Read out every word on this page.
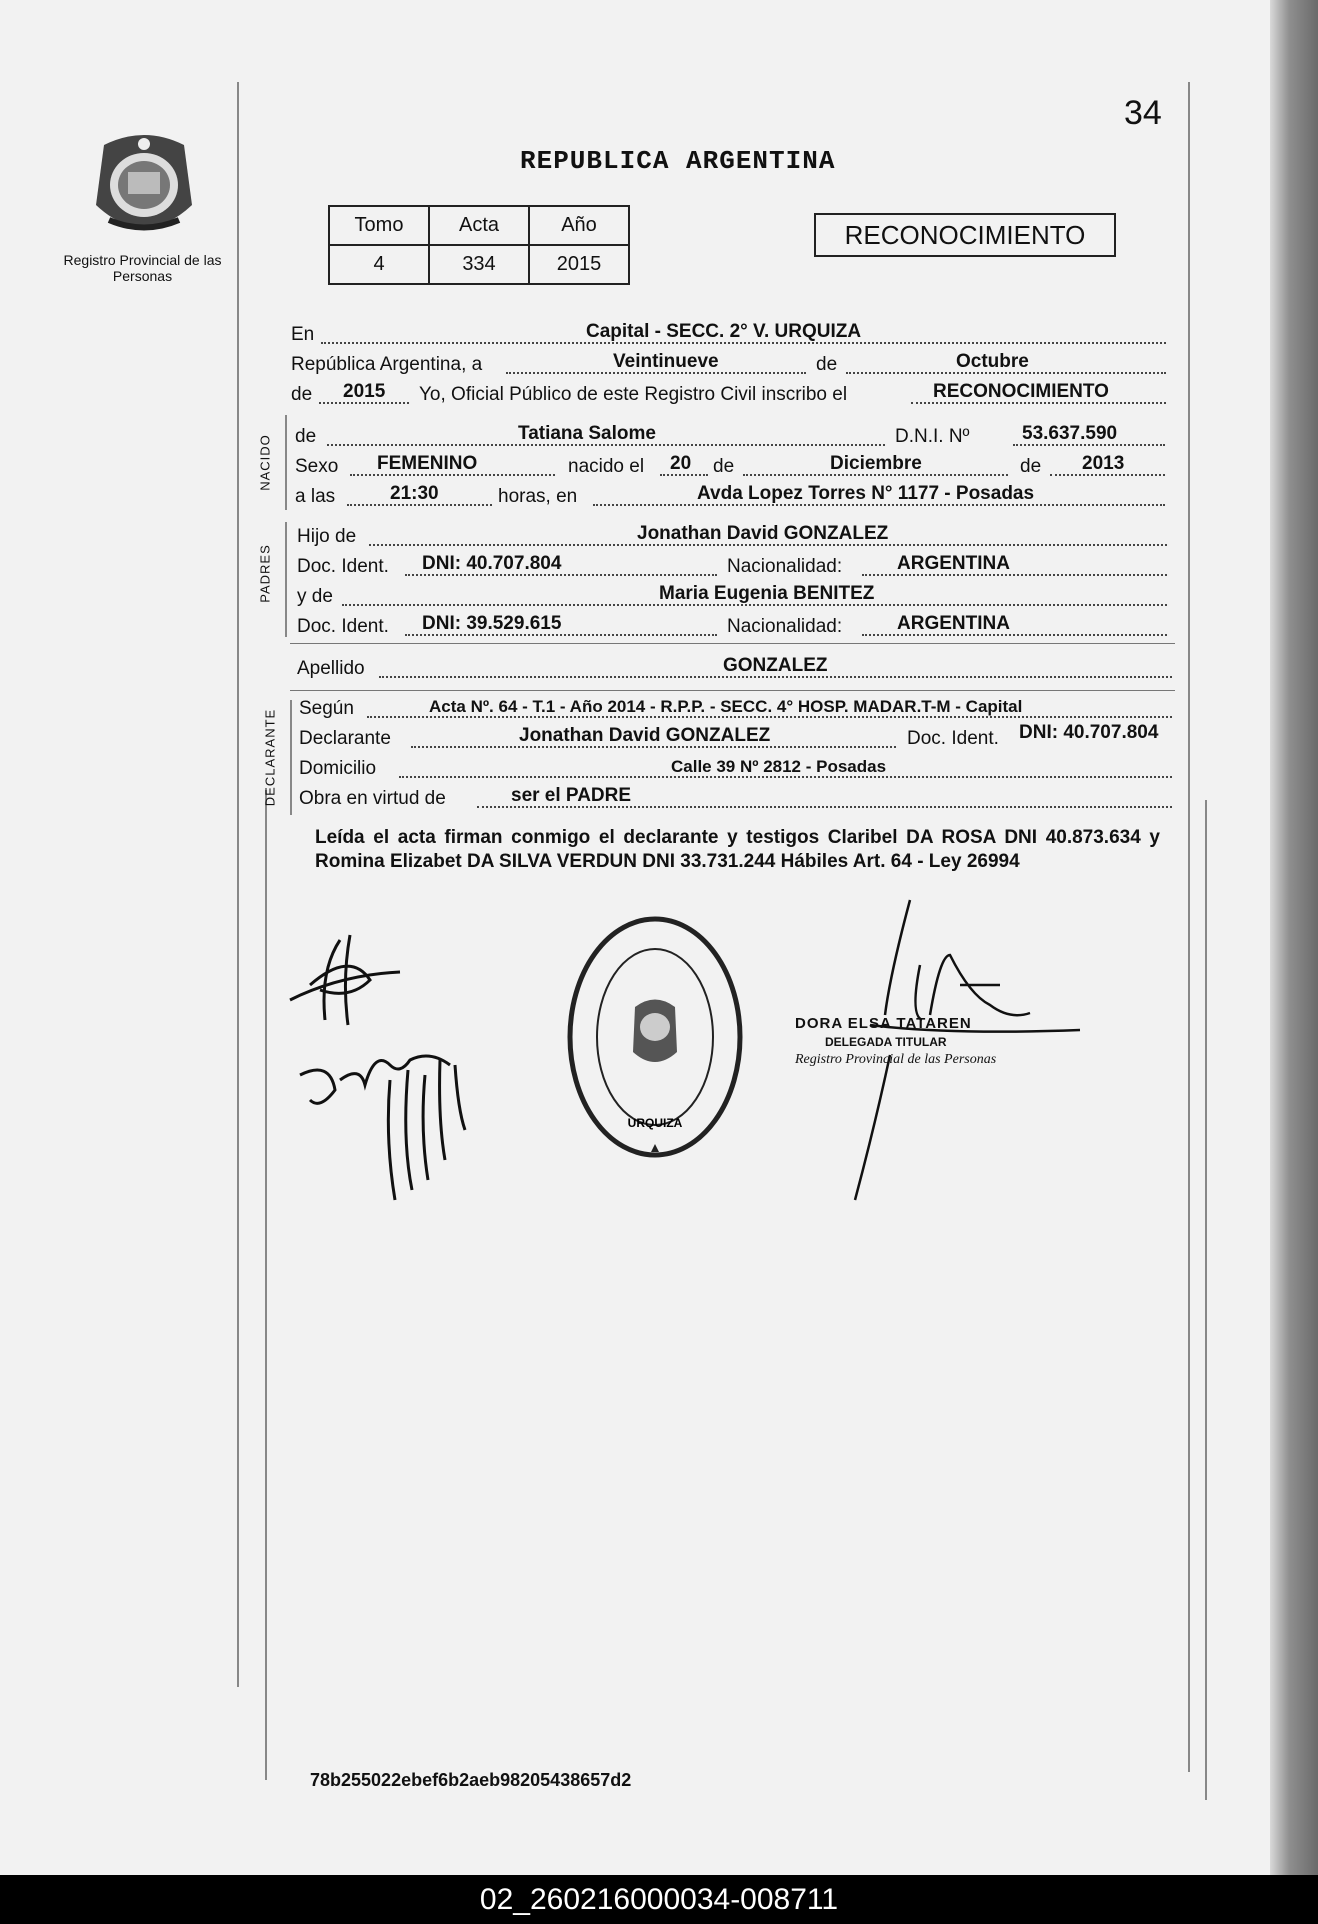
Registro Provincial de las Personas
34
REPUBLICA ARGENTINA
Tomo	Acta	Año
4	334	2015
RECONOCIMIENTO
En	Capital - SECC. 2° V. URQUIZA
República Argentina, a	Veintinueve	de	Octubre
de 2015 Yo, Oficial Público de este Registro Civil inscribo el	RECONOCIMIENTO
NACIDO de	Tatiana Salome	D.N.I. Nº	53.637.590
Sexo FEMENINO	nacido el 20 de	Diciembre	de 2013
a las	21:30	horas, en	Avda Lopez Torres N° 1177 - Posadas
PADRES
Hijo de	Jonathan David GONZALEZ
Doc. Ident. DNI: 40.707.804	Nacionalidad:	ARGENTINA
y de	Maria Eugenia BENITEZ
Doc. Ident. DNI: 39.529.615	Nacionalidad:	ARGENTINA
Apellido	GONZALEZ
DECLARANTE
Según	Acta Nº. 64 - T.1 - Año 2014 - R.P.P. - SECC. 4° HOSP. MADAR.T-M - Capital
Declarante	Jonathan David GONZALEZ	Doc. Ident. DNI: 40.707.804
Domicilio	Calle 39 Nº 2812 - Posadas
Obra en virtud de	ser el PADRE
Leída el acta firman conmigo el declarante y testigos Claribel DA ROSA DNI 40.873.634 y Romina Elizabet DA SILVA VERDUN DNI 33.731.244 Hábiles Art. 64 - Ley 26994
URQUIZA
DORA ELSA TATAREN
DELEGADA TITULAR
Registro Provincial de las Personas
78b255022ebef6b2aeb98205438657d2
02_260216000034-008711
